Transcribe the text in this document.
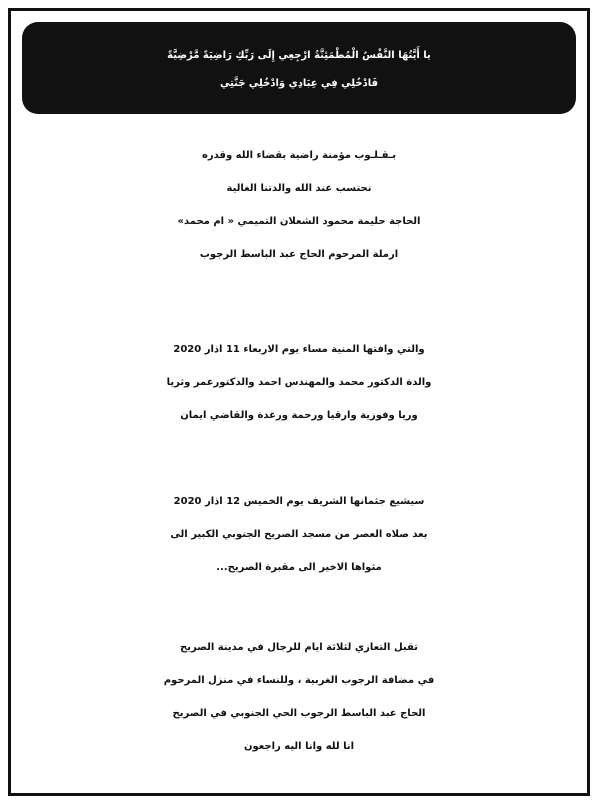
يا أَيَّتُهَا النَّفْسُ الْمُطْمَئِنَّةُ ارْجِعِي إِلَى رَبِّكِ رَاضِيَةً مَّرْضِيَّةً
فَادْخُلِي فِي عِبَادِي وَادْخُلِي جَنَّتِي
بـقـلـوب مؤمنة راضية بقضاء الله وقدره
نحتسب عند الله والدتنا الغالية
الحاجة حليمة محمود الشعلان التميمي « ام محمد»
ارملة المرحوم الحاج عبد الباسط الرجوب
والتي وافتها المنية مساء يوم الاربعاء 11 اذار 2020
والدة الدكتور محمد والمهندس احمد والدكتورعمر وثريا
وريا وفوزية وارقيا ورحمة ورغدة والقاضي ايمان
سيشيع جثمانها الشريف يوم الخميس 12 اذار 2020
بعد صلاه العصر من مسجد الصريح الجنوبي الكبير الى
مثواها الاخير الى مقبرة الصريح...
تقبل التعازي لثلاثة ايام للرجال في مدينة الصريح
في مضافة الرجوب الغربية ، وللنساء في منزل المرحوم
الحاج عبد الباسط الرجوب الحي الجنوبي في الصريح
انا لله وانا اليه راجعون
